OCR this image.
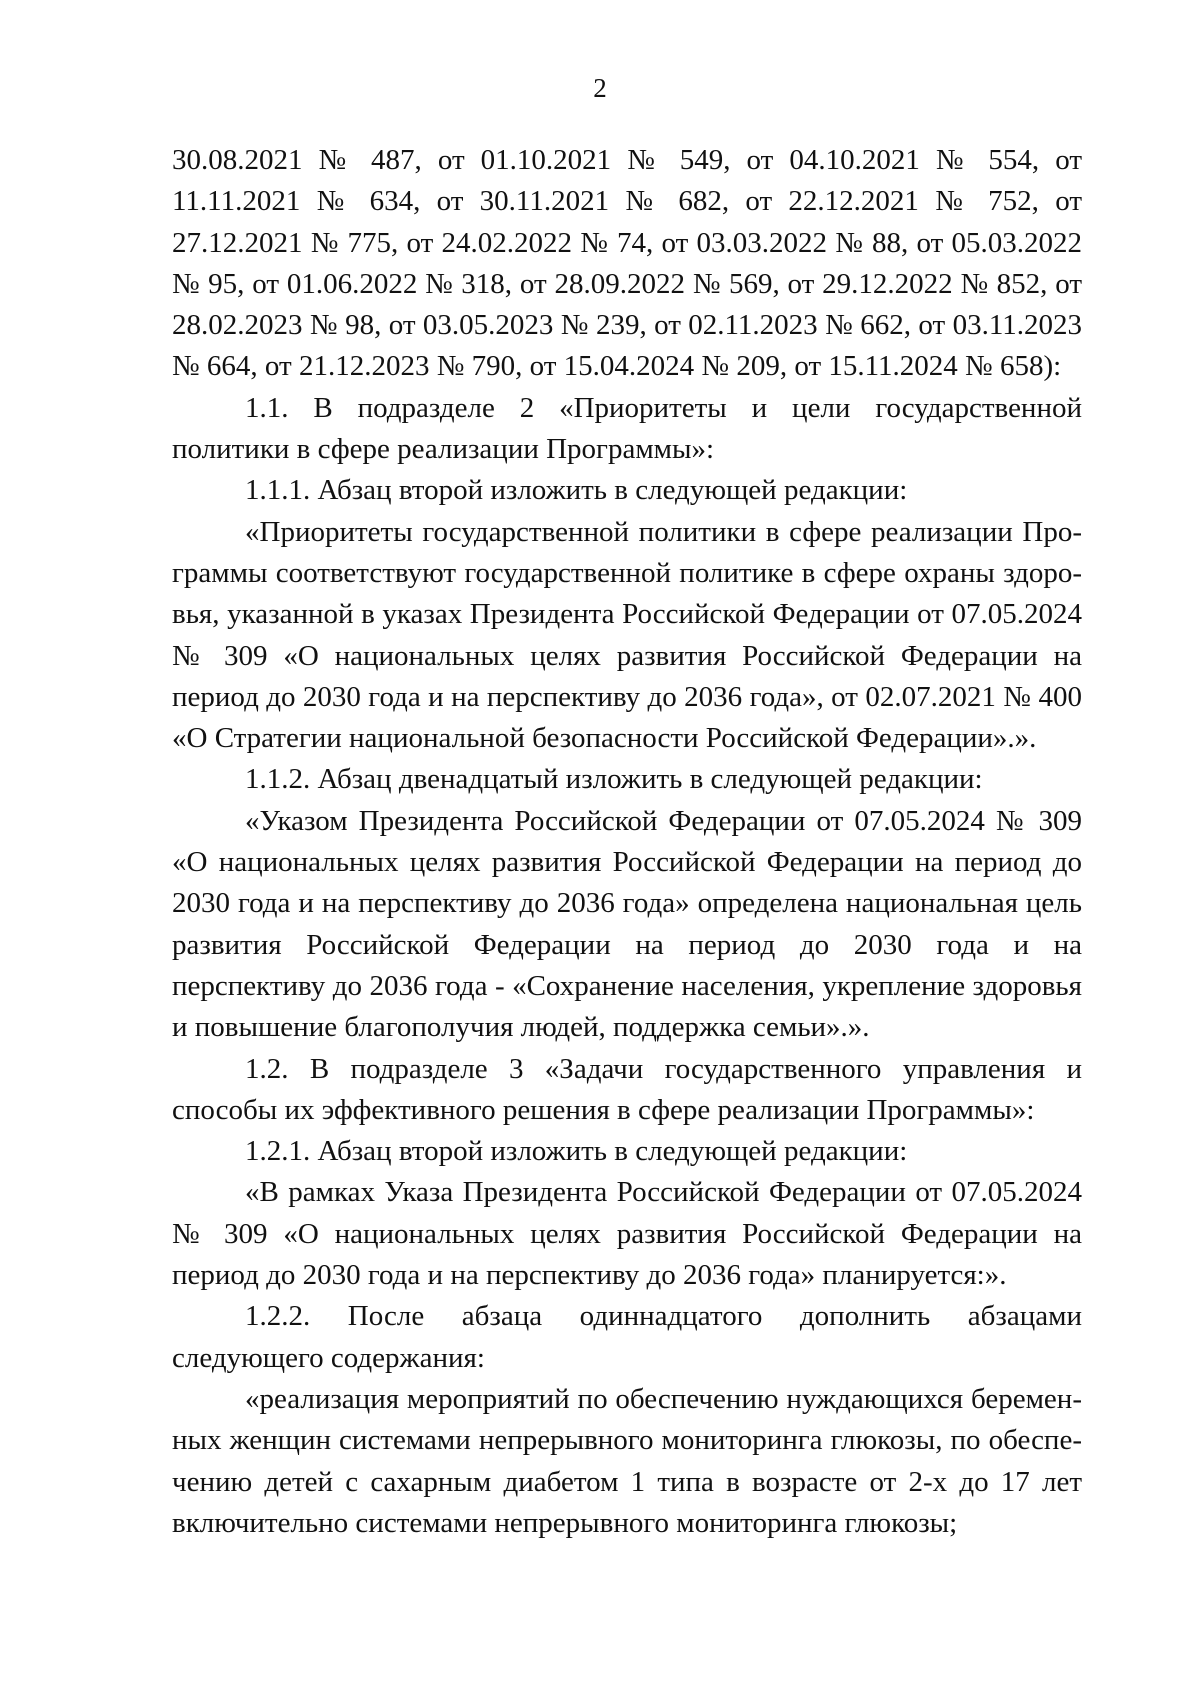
2

30.08.2021 № 487, от 01.10.2021 № 549, от 04.10.2021 № 554, от 11.11.2021 № 634, от 30.11.2021 № 682, от 22.12.2021 № 752, от 27.12.2021 № 775, от 24.02.2022 № 74, от 03.03.2022 № 88, от 05.03.2022 № 95, от 01.06.2022 № 318, от 28.09.2022 № 569, от 29.12.2022 № 852, от 28.02.2023 № 98, от 03.05.2023 № 239, от 02.11.2023 № 662, от 03.11.2023 № 664, от 21.12.2023 № 790, от 15.04.2024 № 209, от 15.11.2024 № 658):

1.1. В подразделе 2 «Приоритеты и цели государственной политики в сфере реализации Программы»:

1.1.1. Абзац второй изложить в следующей редакции:

«Приоритеты государственной политики в сфере реализации Программы соответствуют государственной политике в сфере охраны здоровья, указанной в указах Президента Российской Федерации от 07.05.2024 № 309 «О национальных целях развития Российской Федерации на период до 2030 года и на перспективу до 2036 года», от 02.07.2021 № 400 «О Стратегии национальной безопасности Российской Федерации».».

1.1.2. Абзац двенадцатый изложить в следующей редакции:

«Указом Президента Российской Федерации от 07.05.2024 № 309 «О национальных целях развития Российской Федерации на период до 2030 года и на перспективу до 2036 года» определена национальная цель развития Российской Федерации на период до 2030 года и на перспективу до 2036 года - «Сохранение населения, укрепление здоровья и повышение благополучия людей, поддержка семьи».».

1.2. В подразделе 3 «Задачи государственного управления и способы их эффективного решения в сфере реализации Программы»:

1.2.1. Абзац второй изложить в следующей редакции:

«В рамках Указа Президента Российской Федерации от 07.05.2024 № 309 «О национальных целях развития Российской Федерации на период до 2030 года и на перспективу до 2036 года» планируется:».

1.2.2. После абзаца одиннадцатого дополнить абзацами следующего содержания:

«реализация мероприятий по обеспечению нуждающихся беременных женщин системами непрерывного мониторинга глюкозы, по обеспечению детей с сахарным диабетом 1 типа в возрасте от 2-х до 17 лет включительно системами непрерывного мониторинга глюкозы;
